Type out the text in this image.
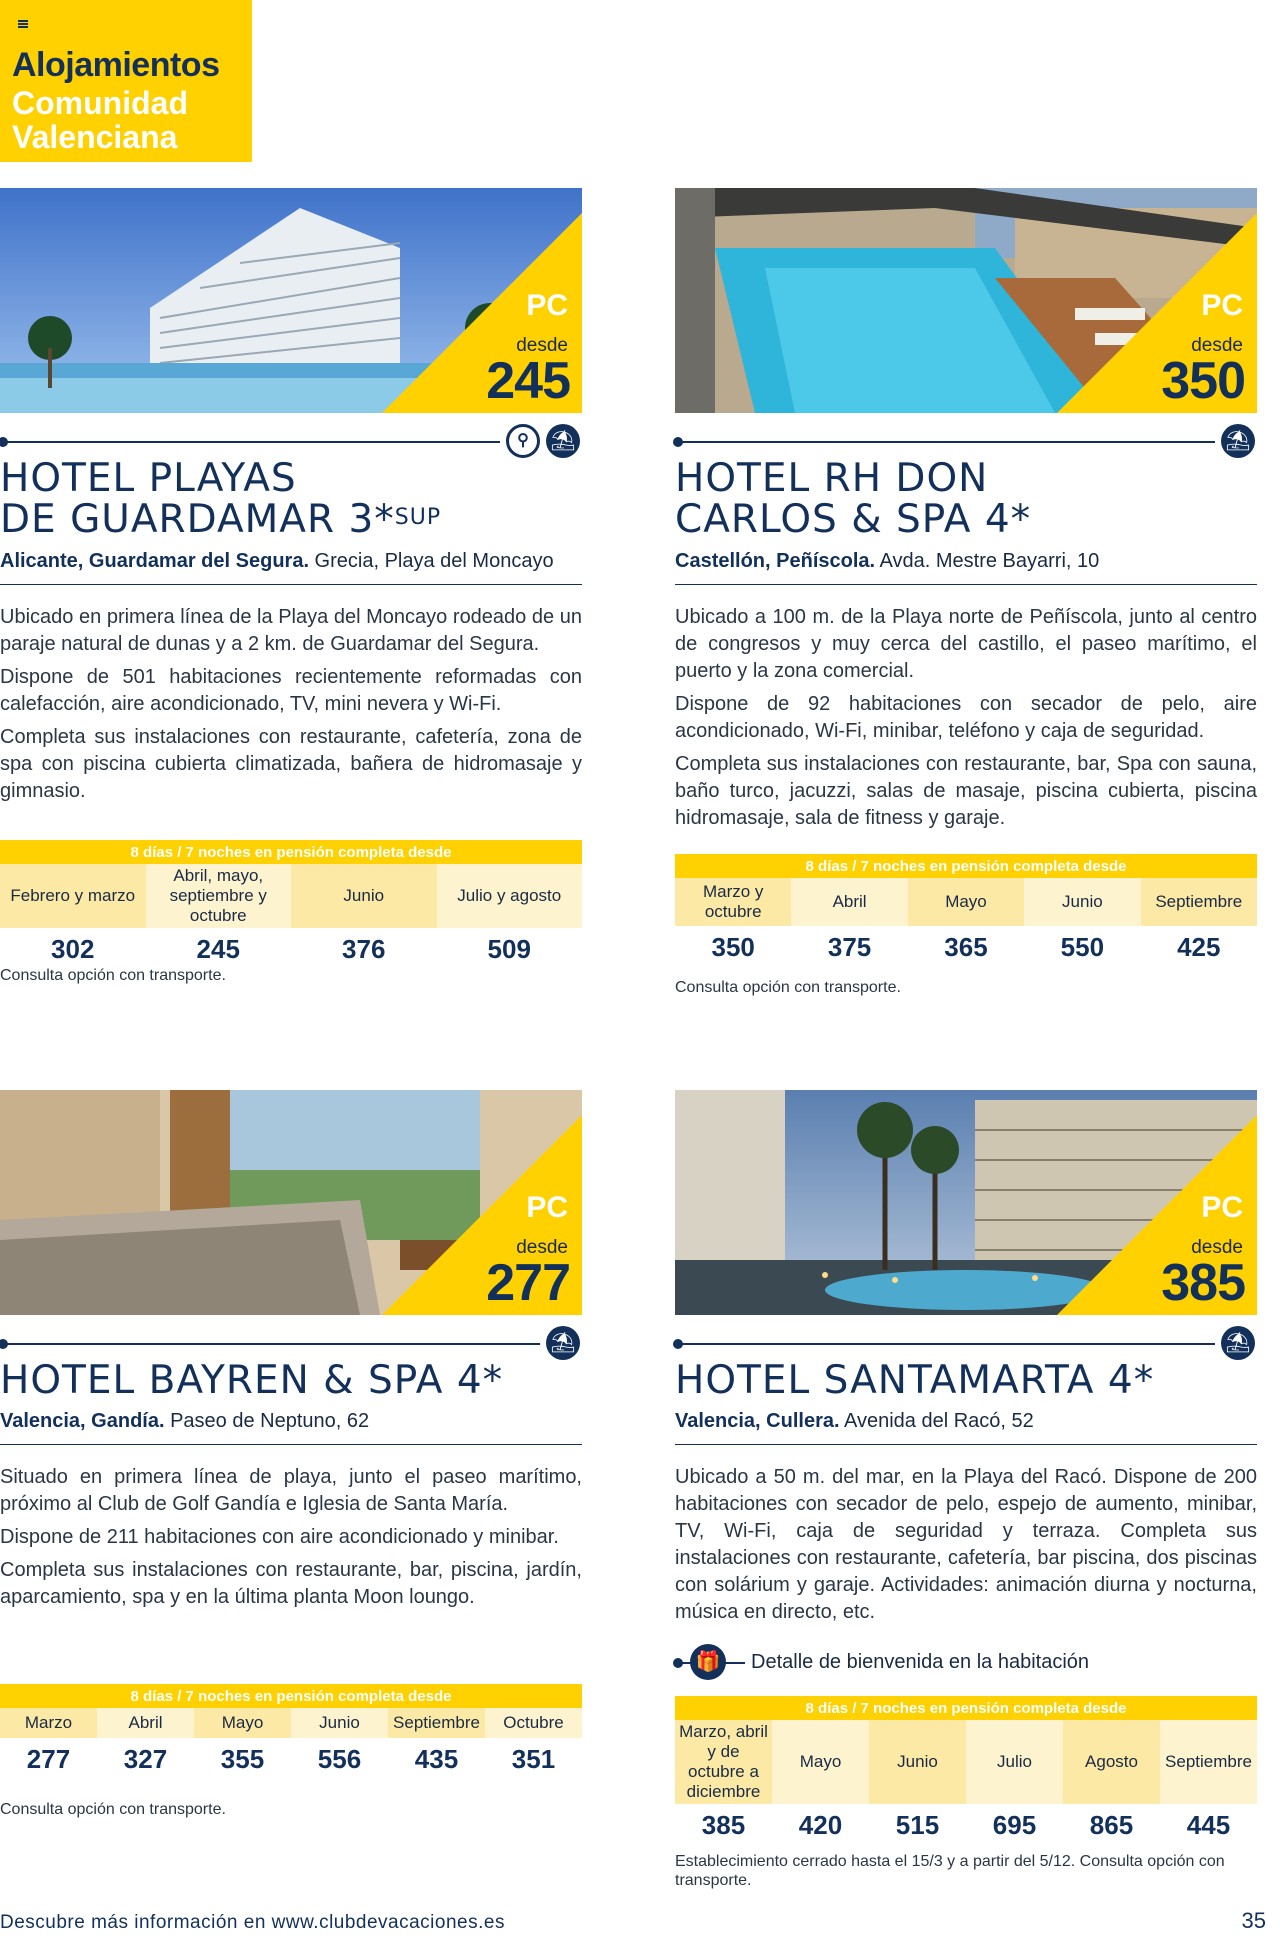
Alojamientos
Comunidad Valenciana
PC
desde
245
⚲	⛱
HOTEL PLAYAS
DE GUARDAMAR 3*$^{SUP}$
Alicante, Guardamar del Segura. Grecia, Playa del Moncayo

Ubicado en primera línea de la Playa del Moncayo rodeado de un paraje natural de dunas y a 2 km. de Guardamar del Segura.

Dispone de 501 habitaciones recientemente reformadas con calefacción, aire acondicionado, TV, mini nevera y Wi-Fi.

Completa sus instalaciones con restaurante, cafetería, zona de spa con piscina cubierta climatizada, bañera de hidromasaje y gimnasio.

8 días / 7 noches en pensión completa desde			
Febrero y marzo	Abril, mayo, septiembre y octubre	Junio	Julio y agosto
302	245	376	509
Consulta opción con transporte.
PC
desde
350
⛱
HOTEL RH DON
CARLOS & SPA 4*
Castellón, Peñíscola. Avda. Mestre Bayarri, 10

Ubicado a 100 m. de la Playa norte de Peñíscola, junto al centro de congresos y muy cerca del castillo, el paseo marítimo, el puerto y la zona comercial.

Dispone de 92 habitaciones con secador de pelo, aire acondicionado, Wi-Fi, minibar, teléfono y caja de seguridad.

Completa sus instalaciones con restaurante, bar, Spa con sauna, baño turco, jacuzzi, salas de masaje, piscina cubierta, piscina hidromasaje, sala de fitness y garaje.

8 días / 7 noches en pensión completa desde				
Marzo y octubre	Abril	Mayo	Junio	Septiembre
350	375	365	550	425
Consulta opción con transporte.
PC
desde
277
⛱
HOTEL BAYREN & SPA 4*
Valencia, Gandía. Paseo de Neptuno, 62

Situado en primera línea de playa, junto el paseo marítimo, próximo al Club de Golf Gandía e Iglesia de Santa María.

Dispone de 211 habitaciones con aire acondicionado y minibar.

Completa sus instalaciones con restaurante, bar, piscina, jardín, aparcamiento, spa y en la última planta Moon loungo.

8 días / 7 noches en pensión completa desde					
Marzo	Abril	Mayo	Junio	Septiembre	Octubre
277	327	355	556	435	351
Consulta opción con transporte.
PC
desde
385
⛱
HOTEL SANTAMARTA 4*
Valencia, Cullera. Avenida del Racó, 52

Ubicado a 50 m. del mar, en la Playa del Racó. Dispone de 200 habitaciones con secador de pelo, espejo de aumento, minibar, TV, Wi-Fi, caja de seguridad y terraza. Completa sus instalaciones con restaurante, cafetería, bar piscina, dos piscinas con solárium y garaje. Actividades: animación diurna y nocturna, música en directo, etc.

🎁 Detalle de bienvenida en la habitación
8 días / 7 noches en pensión completa desde					
Marzo, abril y de octubre a diciembre	Mayo	Junio	Julio	Agosto	Septiembre
385	420	515	695	865	445
Establecimiento cerrado hasta el 15/3 y a partir del 5/12. Consulta opción con transporte.
Descubre más información en www.clubdevacaciones.es	35
